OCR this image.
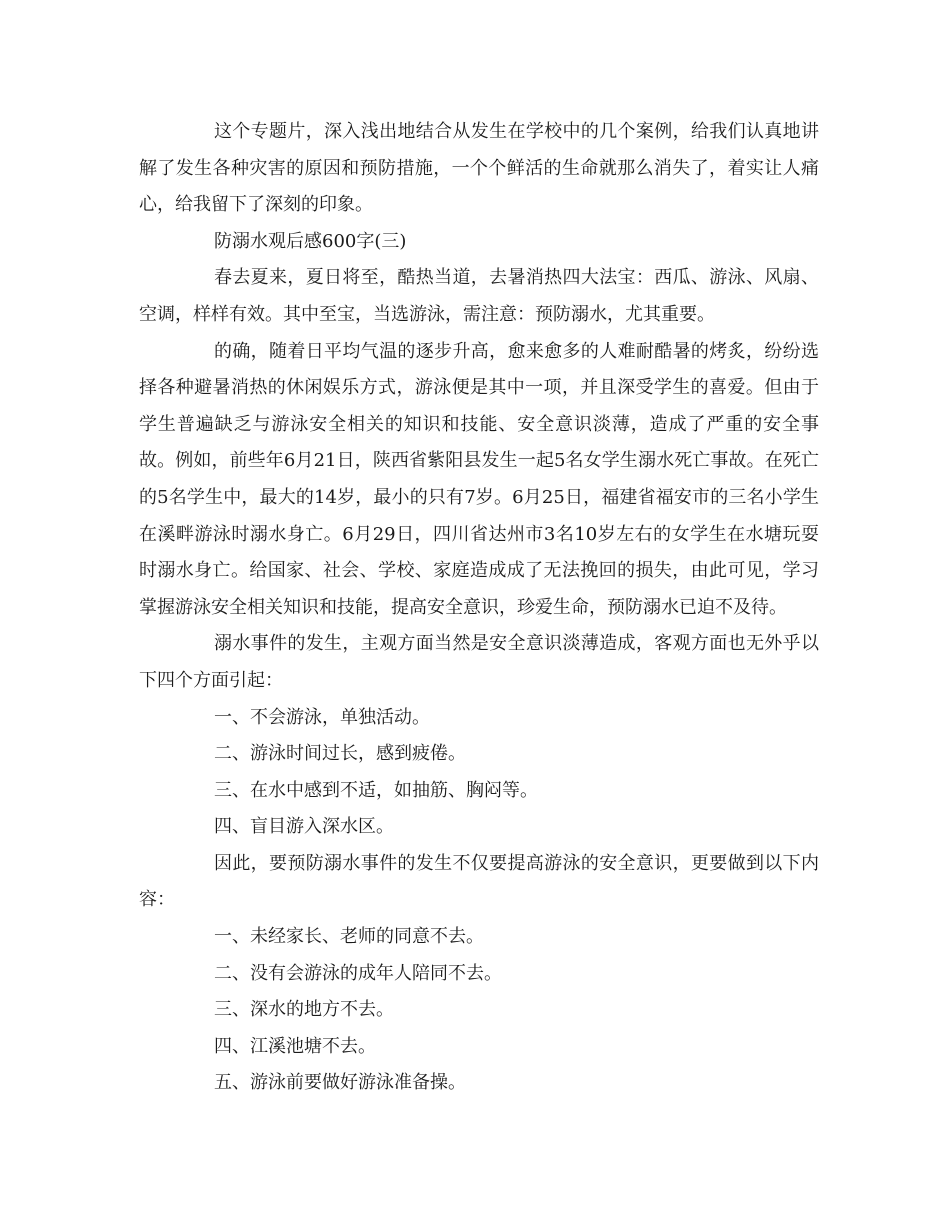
这个专题片，深入浅出地结合从发生在学校中的几个案例，给我们认真地讲解了发生各种灾害的原因和预防措施，一个个鲜活的生命就那么消失了，着实让人痛心，给我留下了深刻的印象。

防溺水观后感600字(三)

春去夏来，夏日将至，酷热当道，去暑消热四大法宝：西瓜、游泳、风扇、空调，样样有效。其中至宝，当选游泳，需注意：预防溺水，尤其重要。

的确，随着日平均气温的逐步升高，愈来愈多的人难耐酷暑的烤炙，纷纷选择各种避暑消热的休闲娱乐方式，游泳便是其中一项，并且深受学生的喜爱。但由于学生普遍缺乏与游泳安全相关的知识和技能、安全意识淡薄，造成了严重的安全事故。例如，前些年6月21日，陕西省紫阳县发生一起5名女学生溺水死亡事故。在死亡的5名学生中，最大的14岁，最小的只有7岁。6月25日，福建省福安市的三名小学生在溪畔游泳时溺水身亡。6月29日，四川省达州市3名10岁左右的女学生在水塘玩耍时溺水身亡。给国家、社会、学校、家庭造成成了无法挽回的损失，由此可见，学习掌握游泳安全相关知识和技能，提高安全意识，珍爱生命，预防溺水已迫不及待。

溺水事件的发生，主观方面当然是安全意识淡薄造成，客观方面也无外乎以下四个方面引起：

一、不会游泳，单独活动。

二、游泳时间过长，感到疲倦。

三、在水中感到不适，如抽筋、胸闷等。

四、盲目游入深水区。

因此，要预防溺水事件的发生不仅要提高游泳的安全意识，更要做到以下内容：

一、未经家长、老师的同意不去。

二、没有会游泳的成年人陪同不去。

三、深水的地方不去。

四、江溪池塘不去。

五、游泳前要做好游泳准备操。
